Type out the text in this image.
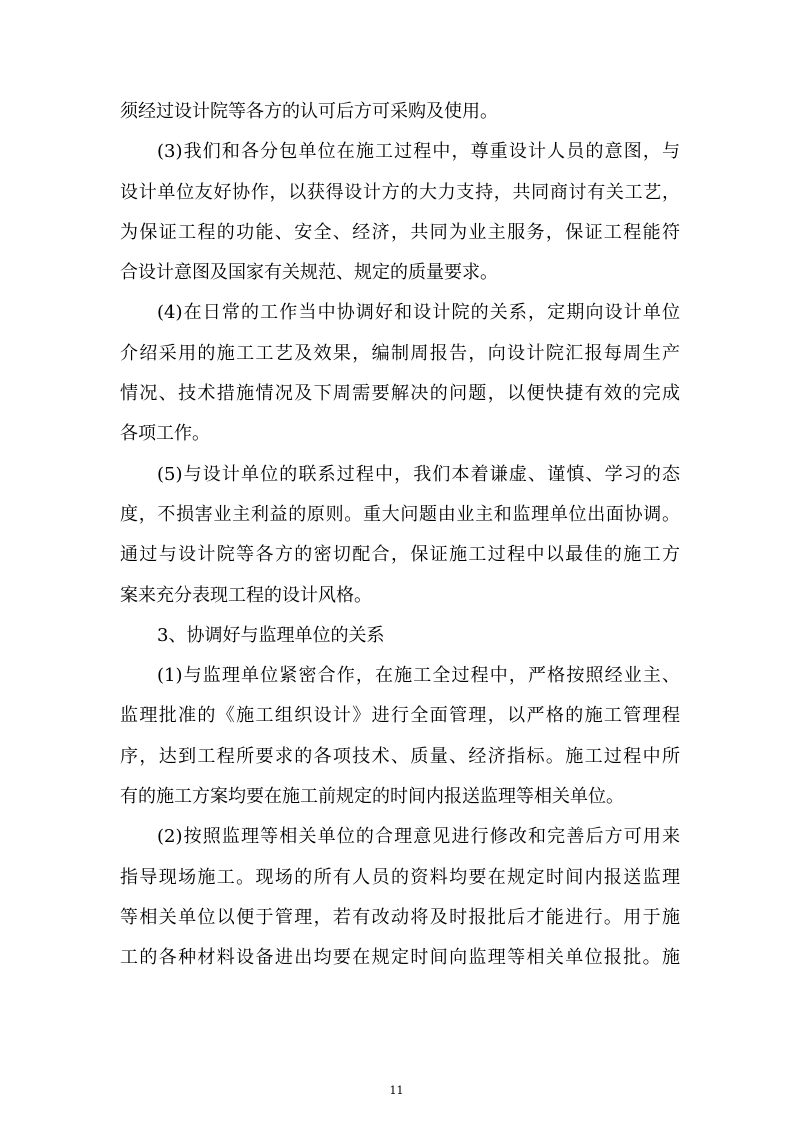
须经过设计院等各方的认可后方可采购及使用。
(3)我们和各分包单位在施工过程中，尊重设计人员的意图，与
设计单位友好协作，以获得设计方的大力支持，共同商讨有关工艺，
为保证工程的功能、安全、经济，共同为业主服务，保证工程能符
合设计意图及国家有关规范、规定的质量要求。
(4)在日常的工作当中协调好和设计院的关系，定期向设计单位
介绍采用的施工工艺及效果，编制周报告，向设计院汇报每周生产
情况、技术措施情况及下周需要解决的问题，以便快捷有效的完成
各项工作。
(5)与设计单位的联系过程中，我们本着谦虚、谨慎、学习的态
度，不损害业主利益的原则。重大问题由业主和监理单位出面协调。
通过与设计院等各方的密切配合，保证施工过程中以最佳的施工方
案来充分表现工程的设计风格。
3、协调好与监理单位的关系
(1)与监理单位紧密合作，在施工全过程中，严格按照经业主、
监理批准的《施工组织设计》进行全面管理，以严格的施工管理程
序，达到工程所要求的各项技术、质量、经济指标。施工过程中所
有的施工方案均要在施工前规定的时间内报送监理等相关单位。
(2)按照监理等相关单位的合理意见进行修改和完善后方可用来
指导现场施工。现场的所有人员的资料均要在规定时间内报送监理
等相关单位以便于管理，若有改动将及时报批后才能进行。用于施
工的各种材料设备进出均要在规定时间向监理等相关单位报批。施
11
